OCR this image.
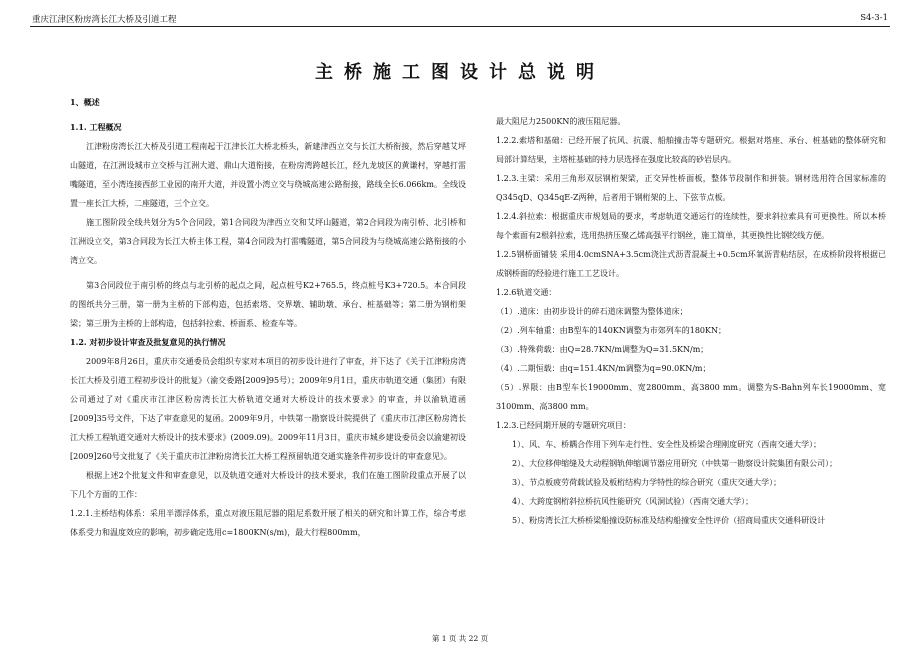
重庆江津区粉房湾长江大桥及引道工程	S4-3-1
主桥施工图设计总说明

1、概述

1.1. 工程概况

江津粉房湾长江大桥及引道工程南起于江津长江大桥北桥头，新建津西立交与长江大桥衔接，然后穿越艾坪山隧道，在江洲设城市立交桥与江洲大道、鼎山大道衔接，在粉房湾跨越长江，经九龙坡区的黄谦村，穿越打雷嘴隧道，至小湾连接西彭工业园的南开大道，并设置小湾立交与绕城高速公路衔接，路线全长6.066km。全线设置一座长江大桥，二座隧道，三个立交。

施工图阶段全线共划分为5个合同段，第1合同段为津西立交和艾坪山隧道，第2合同段为南引桥、北引桥和江洲设立交，第3合同段为长江大桥主体工程，第4合同段为打雷嘴隧道，第5合同段为与绕城高速公路衔接的小湾立交。

第3合同段位于南引桥的终点与北引桥的起点之间，起点桩号K2+765.5，终点桩号K3+720.5。本合同段的图纸共分三册，第一册为主桥的下部构造，包括索塔、交界墩、辅助墩、承台、桩基础等；第二册为钢桁架梁；第三册为主桥的上部构造，包括斜拉索、桥面系、检查车等。

1.2. 对初步设计审查及批复意见的执行情况

2009年8月26日，重庆市交通委员会组织专家对本项目的初步设计进行了审查，并下达了《关于江津粉房湾长江大桥及引道工程初步设计的批复》（渝交委路[2009]95号）；2009年9月1日，重庆市轨道交通（集团）有限公司通过了对《重庆市江津区粉房湾长江大桥轨道交通对大桥设计的技术要求》的审查，并以渝轨道函[2009]35号文件，下达了审查意见的复函。2009年9月，中铁第一勘察设计院提供了《重庆市江津区粉房湾长江大桥工程轨道交通对大桥设计的技术要求》(2009.09)。2009年11月3日，重庆市城乡建设委员会以渝建初设[2009]260号文批复了《关于重庆市江津粉房湾长江大桥工程预留轨道交通实施条件初步设计的审查意见》。

根据上述2个批复文件和审查意见，以及轨道交通对大桥设计的技术要求，我们在施工图阶段重点开展了以下几个方面的工作：

1.2.1.主桥结构体系：采用半漂浮体系，重点对液压阻尼器的阻尼系数开展了相关的研究和计算工作，综合考虑体系受力和温度效应的影响，初步确定选用c=1800KN(s/m)，最大行程800mm，

最大阻尼力2500KN的液压阻尼器。

1.2.2.索塔和基础：已经开展了抗风、抗震、船舶撞击等专题研究。根据对塔座、承台、桩基础的整体研究和局部计算结果，主塔桩基础的持力层选择在强度比较高的砂岩层内。

1.2.3.主梁：采用三角形双层钢桁架梁，正交异性桥面板，整体节段制作和拼装。钢材选用符合国家标准的Q345qD、Q345qE-Z两种，后者用于钢桁架的上、下弦节点板。

1.2.4.斜拉索：根据重庆市规划局的要求，考虑轨道交通运行的连续性，要求斜拉索具有可更换性。所以本桥每个索面有2根斜拉索，选用热挤压聚乙烯高强平行钢丝，施工简单，其更换性比钢绞线方便。

1.2.5钢桥面铺装 采用4.0cmSNA+3.5cm浇注式沥青混凝土+0.5cm环氧沥青粘结层，在成桥阶段将根据已成钢桥面的经验进行施工工艺设计。

1.2.6轨道交通：

（1）.道床：由初步设计的碎石道床调整为整体道床；

（2）.列车轴重：由B型车的140KN调整为市郊列车的180KN；

（3）.特殊荷载：由Q=28.7KN/m调整为Q=31.5KN/m；

（4）.二期恒载：由q=151.4KN/m调整为q=90.0KN/m；

（5）.界限：由B型车长19000mm、宽2800mm、高3800 mm。调整为S-Bahn列车长19000mm、宽3100mm、高3800 mm。

1.2.3.已经同期开展的专题研究项目：

1）、风、车、桥耦合作用下列车走行性、安全性及桥梁合理刚度研究（西南交通大学）；

2）、大位移伸缩缝及大动程钢轨伸缩调节器应用研究（中铁第一勘察设计院集团有限公司）；

3）、节点板疲劳荷载试验及板桁结构力学特性的综合研究（重庆交通大学）；

4）、大跨度钢桁斜拉桥抗风性能研究（风洞试验）（西南交通大学）；

5）、粉房湾长江大桥桥梁船撞设防标准及结构船撞安全性评价（招商局重庆交通科研设计

第 1 页 共 22 页
